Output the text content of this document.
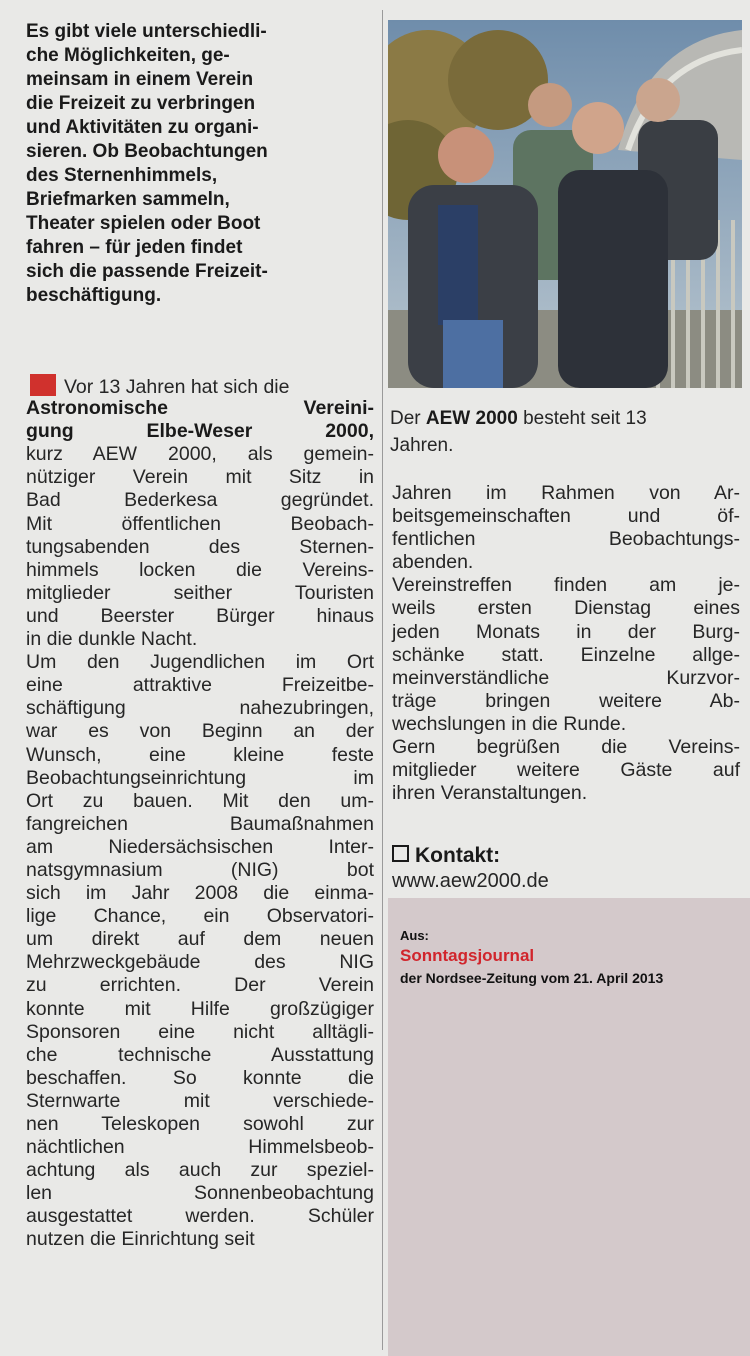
Es gibt viele unterschiedli-
che Möglichkeiten, ge-
meinsam in einem Verein
die Freizeit zu verbringen
und Aktivitäten zu organi-
sieren. Ob Beobachtungen
des Sternenhimmels,
Briefmarken sammeln,
Theater spielen oder Boot
fahren – für jeden findet
sich die passende Freizeit-
beschäftigung.
Vor 13 Jahren hat sich die
Astronomische Vereini-
gung Elbe-Weser 2000,
kurz AEW 2000, als gemein-
nütziger Verein mit Sitz in
Bad Bederkesa gegründet.
Mit öffentlichen Beobach-
tungsabenden des Sternen-
himmels locken die Vereins-
mitglieder seither Touristen
und Beerster Bürger hinaus
in die dunkle Nacht.
Um den Jugendlichen im Ort
eine attraktive Freizeitbe-
schäftigung nahezubringen,
war es von Beginn an der
Wunsch, eine kleine feste
Beobachtungseinrichtung im
Ort zu bauen. Mit den um-
fangreichen Baumaßnahmen
am Niedersächsischen Inter-
natsgymnasium (NIG) bot
sich im Jahr 2008 die einma-
lige Chance, ein Observatori-
um direkt auf dem neuen
Mehrzweckgebäude des NIG
zu errichten. Der Verein
konnte mit Hilfe großzügiger
Sponsoren eine nicht alltägli-
che technische Ausstattung
beschaffen. So konnte die
Sternwarte mit verschiede-
nen Teleskopen sowohl zur
nächtlichen Himmelsbeob-
achtung als auch zur speziel-
len Sonnenbeobachtung
ausgestattet werden. Schüler
nutzen die Einrichtung seit
Der AEW 2000 besteht seit 13
Jahren.
Jahren im Rahmen von Ar-
beitsgemeinschaften und öf-
fentlichen Beobachtungs-
abenden.
Vereinstreffen finden am je-
weils ersten Dienstag eines
jeden Monats in der Burg-
schänke statt. Einzelne allge-
meinverständliche Kurzvor-
träge bringen weitere Ab-
wechslungen in die Runde.
Gern begrüßen die Vereins-
mitglieder weitere Gäste auf
ihren Veranstaltungen.
Kontakt:
www.aew2000.de
Aus:
Sonntagsjournal
der Nordsee-Zeitung vom 21. April 2013
